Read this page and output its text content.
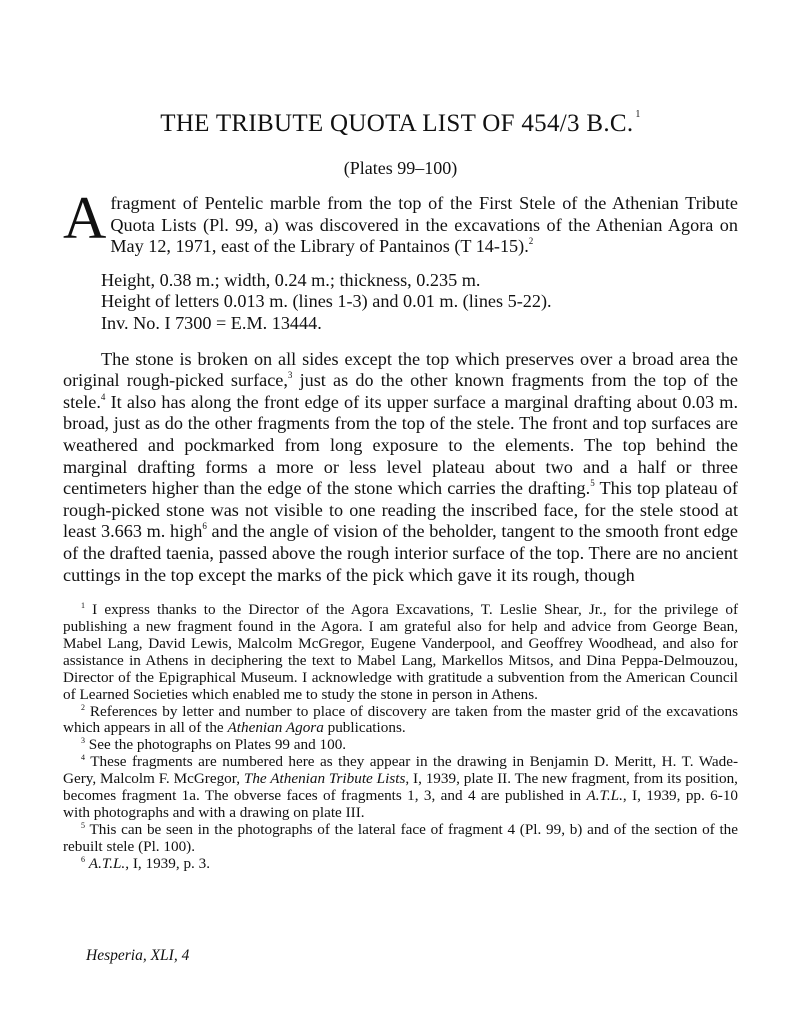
THE TRIBUTE QUOTA LIST OF 454/3 B.C. $^1$
(Plates 99–100)

Afragment of Pentelic marble from the top of the First Stele of the Athenian Tribute Quota Lists (Pl. 99, a) was discovered in the excavations of the Athenian Agora on May 12, 1971, east of the Library of Pantainos (T 14-15).$^2$

Height, 0.38 m.; width, 0.24 m.; thickness, 0.235 m.
Height of letters 0.013 m. (lines 1-3) and 0.01 m. (lines 5-22).
Inv. No. I 7300 = E.M. 13444.

The stone is broken on all sides except the top which preserves over a broad area the original rough-picked surface,$^3$ just as do the other known fragments from the top of the stele.$^4$ It also has along the front edge of its upper surface a marginal drafting about 0.03 m. broad, just as do the other fragments from the top of the stele. The front and top surfaces are weathered and pockmarked from long exposure to the elements. The top behind the marginal drafting forms a more or less level plateau about two and a half or three centimeters higher than the edge of the stone which carries the drafting.$^5$ This top plateau of rough-picked stone was not visible to one reading the inscribed face, for the stele stood at least 3.663 m. high$^6$ and the angle of vision of the beholder, tangent to the smooth front edge of the drafted taenia, passed above the rough interior surface of the top. There are no ancient cuttings in the top except the marks of the pick which gave it its rough, though

$^1$ I express thanks to the Director of the Agora Excavations, T. Leslie Shear, Jr., for the privilege of publishing a new fragment found in the Agora. I am grateful also for help and advice from George Bean, Mabel Lang, David Lewis, Malcolm McGregor, Eugene Vanderpool, and Geoffrey Woodhead, and also for assistance in Athens in deciphering the text to Mabel Lang, Markellos Mitsos, and Dina Peppa-Delmouzou, Director of the Epigraphical Museum. I acknowledge with gratitude a subvention from the American Council of Learned Societies which enabled me to study the stone in person in Athens.

$^2$ References by letter and number to place of discovery are taken from the master grid of the excavations which appears in all of the Athenian Agora publications.

$^3$ See the photographs on Plates 99 and 100.

$^4$ These fragments are numbered here as they appear in the drawing in Benjamin D. Meritt, H. T. Wade-Gery, Malcolm F. McGregor, The Athenian Tribute Lists, I, 1939, plate II. The new fragment, from its position, becomes fragment 1a. The obverse faces of fragments 1, 3, and 4 are published in A.T.L., I, 1939, pp. 6-10 with photographs and with a drawing on plate III.

$^5$ This can be seen in the photographs of the lateral face of fragment 4 (Pl. 99, b) and of the section of the rebuilt stele (Pl. 100).

$^6$ A.T.L., I, 1939, p. 3.

Hesperia, XLI, 4
